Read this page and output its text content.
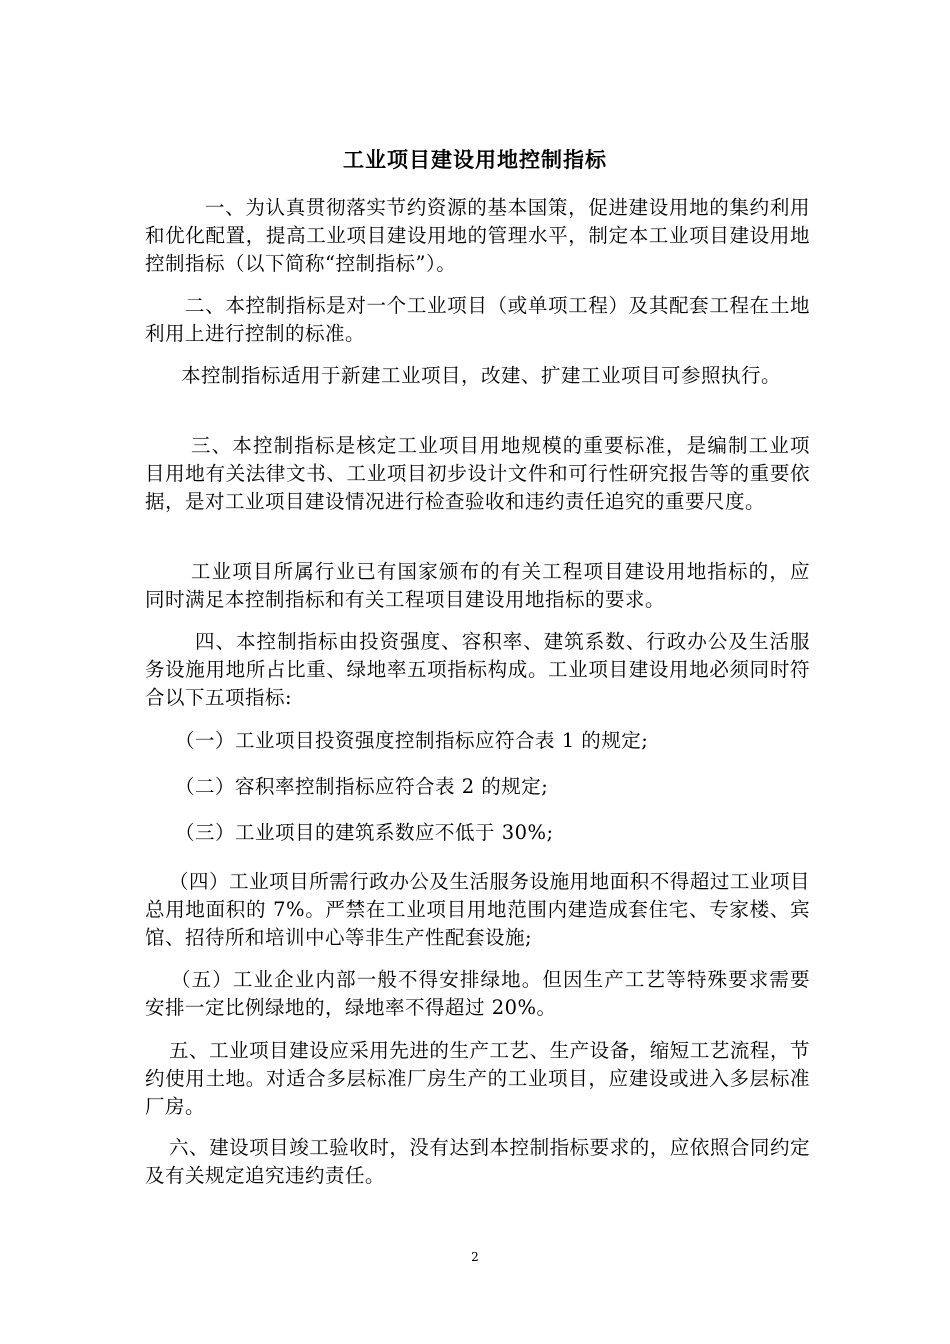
工业项目建设用地控制指标
一、为认真贯彻落实节约资源的基本国策，促进建设用地的集约利用和优化配置，提高工业项目建设用地的管理水平，制定本工业项目建设用地控制指标（以下简称“控制指标”）。
二、本控制指标是对一个工业项目（或单项工程）及其配套工程在土地利用上进行控制的标准。
本控制指标适用于新建工业项目，改建、扩建工业项目可参照执行。
三、本控制指标是核定工业项目用地规模的重要标准，是编制工业项目用地有关法律文书、工业项目初步设计文件和可行性研究报告等的重要依据，是对工业项目建设情况进行检查验收和违约责任追究的重要尺度。
工业项目所属行业已有国家颁布的有关工程项目建设用地指标的，应同时满足本控制指标和有关工程项目建设用地指标的要求。
四、本控制指标由投资强度、容积率、建筑系数、行政办公及生活服务设施用地所占比重、绿地率五项指标构成。工业项目建设用地必须同时符合以下五项指标:
（一）工业项目投资强度控制指标应符合表 1 的规定;
（二）容积率控制指标应符合表 2 的规定;
（三）工业项目的建筑系数应不低于 30%;
（四）工业项目所需行政办公及生活服务设施用地面积不得超过工业项目总用地面积的 7%。严禁在工业项目用地范围内建造成套住宅、专家楼、宾馆、招待所和培训中心等非生产性配套设施;
（五）工业企业内部一般不得安排绿地。但因生产工艺等特殊要求需要安排一定比例绿地的，绿地率不得超过 20%。
五、工业项目建设应采用先进的生产工艺、生产设备，缩短工艺流程，节约使用土地。对适合多层标准厂房生产的工业项目，应建设或进入多层标准厂房。
六、建设项目竣工验收时，没有达到本控制指标要求的，应依照合同约定及有关规定追究违约责任。
2
